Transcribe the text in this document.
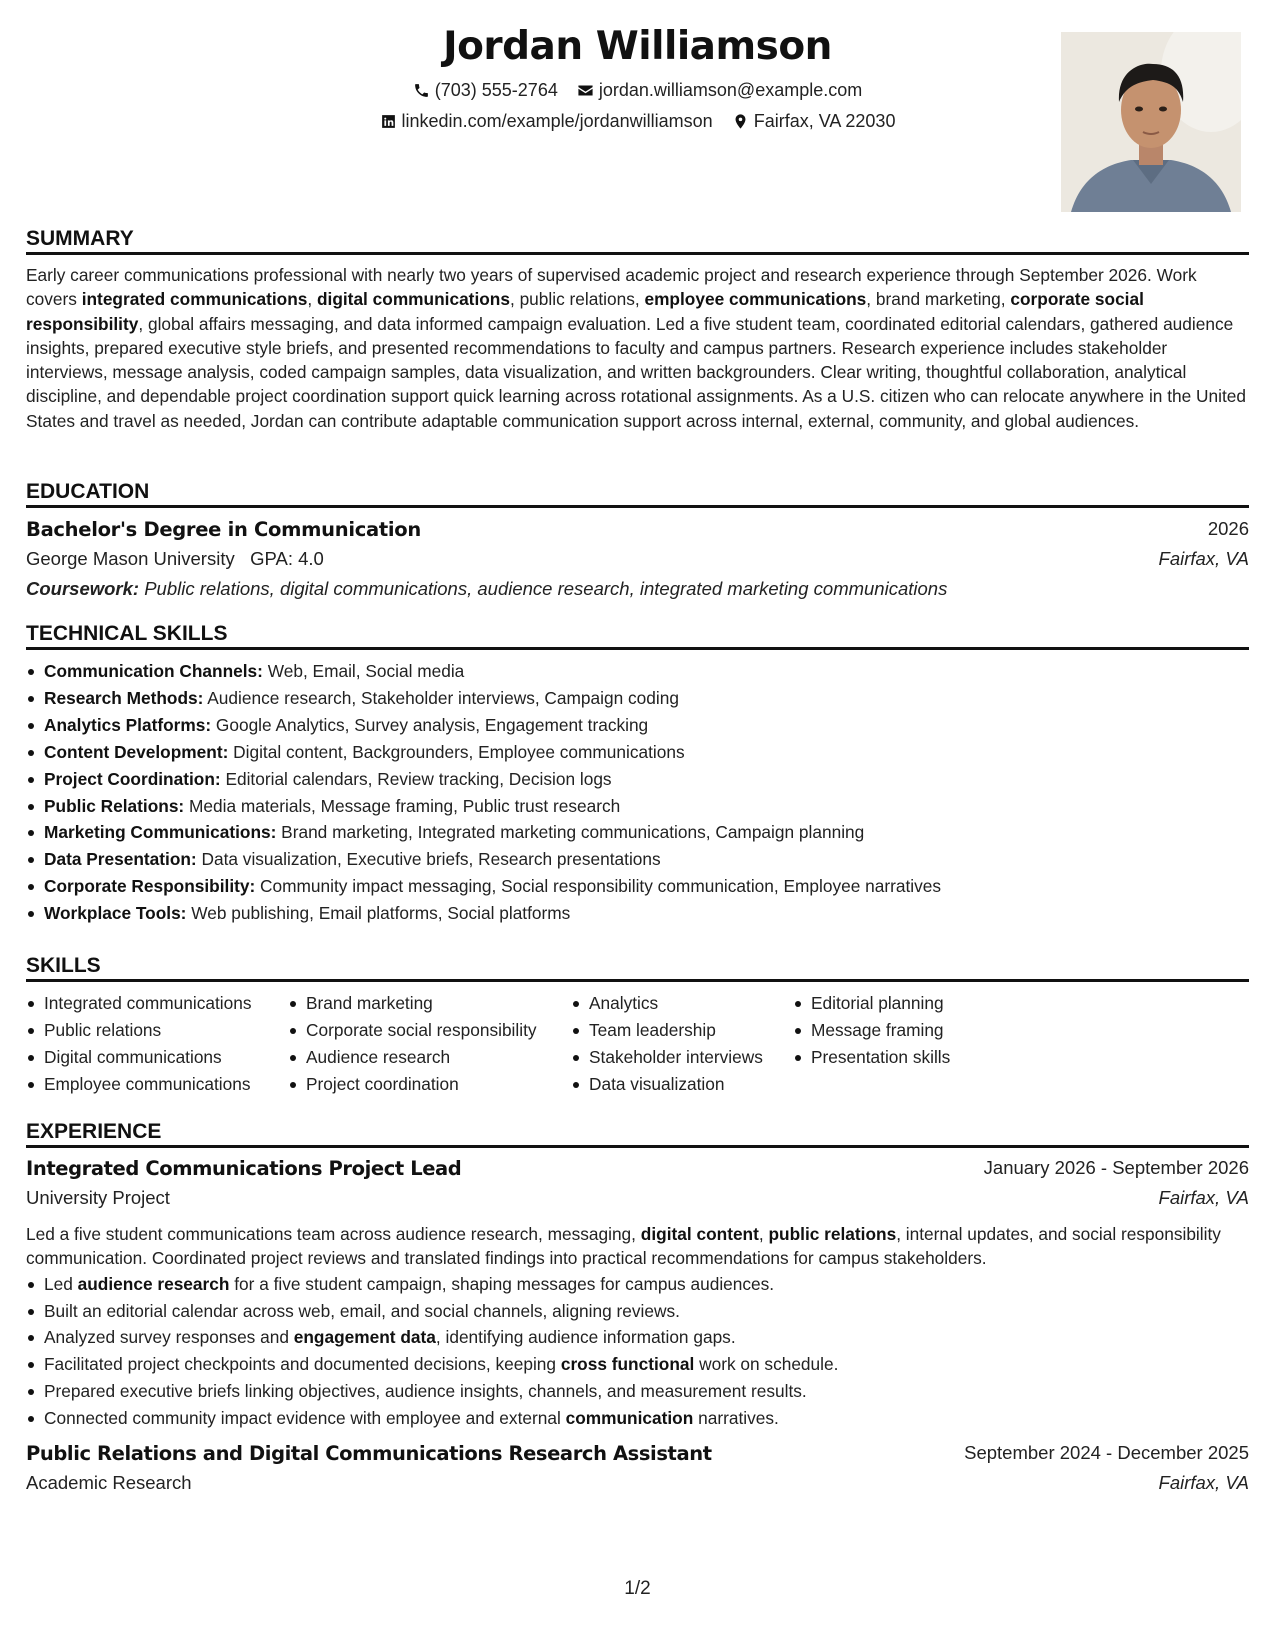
Jordan Williamson
(703) 555-2764
jordan.williamson@example.com
linkedin.com/example/jordanwilliamson
Fairfax, VA 22030
SUMMARY

Early career communications professional with nearly two years of supervised academic project and research experience through September 2026. Work covers integrated communications, digital communications, public relations, employee communications, brand marketing, corporate social responsibility, global affairs messaging, and data informed campaign evaluation. Led a five student team, coordinated editorial calendars, gathered audience insights, prepared executive style briefs, and presented recommendations to faculty and campus partners. Research experience includes stakeholder interviews, message analysis, coded campaign samples, data visualization, and written backgrounders. Clear writing, thoughtful collaboration, analytical discipline, and dependable project coordination support quick learning across rotational assignments. As a U.S. citizen who can relocate anywhere in the United States and travel as needed, Jordan can contribute adaptable communication support across internal, external, community, and global audiences.

EDUCATION
Bachelor's Degree in Communication	2026
George Mason University GPA: 4.0	Fairfax, VA
Coursework: Public relations, digital communications, audience research, integrated marketing communications
TECHNICAL SKILLS
Communication Channels: Web, Email, Social media
Research Methods: Audience research, Stakeholder interviews, Campaign coding
Analytics Platforms: Google Analytics, Survey analysis, Engagement tracking
Content Development: Digital content, Backgrounders, Employee communications
Project Coordination: Editorial calendars, Review tracking, Decision logs
Public Relations: Media materials, Message framing, Public trust research
Marketing Communications: Brand marketing, Integrated marketing communications, Campaign planning
Data Presentation: Data visualization, Executive briefs, Research presentations
Corporate Responsibility: Community impact messaging, Social responsibility communication, Employee narratives
Workplace Tools: Web publishing, Email platforms, Social platforms
SKILLS
Integrated communications
Public relations
Digital communications
Employee communications
Brand marketing
Corporate social responsibility
Audience research
Project coordination
Analytics
Team leadership
Stakeholder interviews
Data visualization
Editorial planning
Message framing
Presentation skills
EXPERIENCE
Integrated Communications Project Lead	January 2026 - September 2026
University Project	Fairfax, VA

Led a five student communications team across audience research, messaging, digital content, public relations, internal updates, and social responsibility communication. Coordinated project reviews and translated findings into practical recommendations for campus stakeholders.

Led audience research for a five student campaign, shaping messages for campus audiences.
Built an editorial calendar across web, email, and social channels, aligning reviews.
Analyzed survey responses and engagement data, identifying audience information gaps.
Facilitated project checkpoints and documented decisions, keeping cross functional work on schedule.
Prepared executive briefs linking objectives, audience insights, channels, and measurement results.
Connected community impact evidence with employee and external communication narratives.
Public Relations and Digital Communications Research Assistant	September 2024 - December 2025
Academic Research	Fairfax, VA
1/2
